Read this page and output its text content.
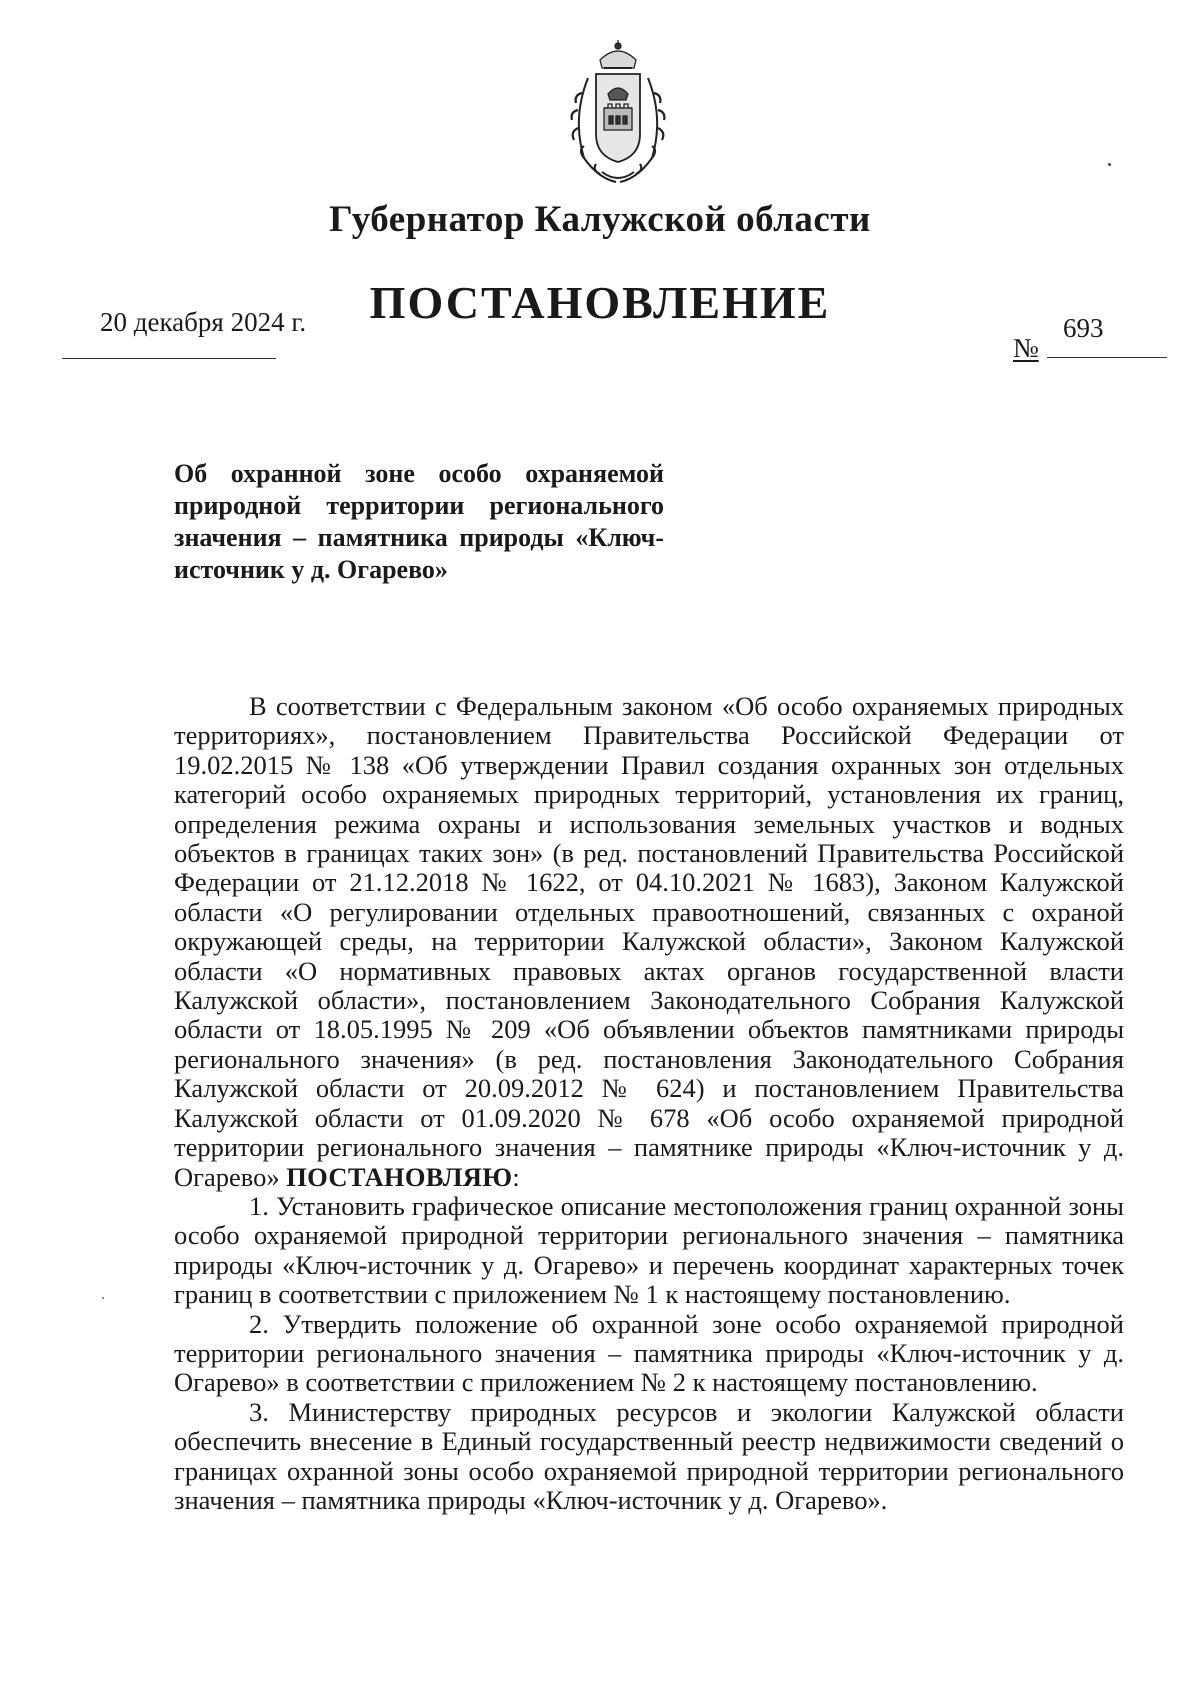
Губернатор Калужской области
ПОСТАНОВЛЕНИЕ
20 декабря 2024 г.
№
693
Об охранной зоне особо охраняемой природной территории регионального значения – памятника природы «Ключ-источник у д. Огарево»

В соответствии с Федеральным законом «Об особо охраняемых природных территориях», постановлением Правительства Российской Федерации от 19.02.2015 № 138 «Об утверждении Правил создания охранных зон отдельных категорий особо охраняемых природных территорий, установления их границ, определения режима охраны и использования земельных участков и водных объектов в границах таких зон» (в ред. постановлений Правительства Российской Федерации от 21.12.2018 № 1622, от 04.10.2021 № 1683), Законом Калужской области «О регулировании отдельных правоотношений, связанных с охраной окружающей среды, на территории Калужской области», Законом Калужской области «О нормативных правовых актах органов государственной власти Калужской области», постановлением Законодательного Собрания Калужской области от 18.05.1995 № 209 «Об объявлении объектов памятниками природы регионального значения» (в ред. постановления Законодательного Собрания Калужской области от 20.09.2012 № 624) и постановлением Правительства Калужской области от 01.09.2020 № 678 «Об особо охраняемой природной территории регионального значения – памятнике природы «Ключ-источник у д. Огарево» ПОСТАНОВЛЯЮ:

1. Установить графическое описание местоположения границ охранной зоны особо охраняемой природной территории регионального значения – памятника природы «Ключ-источник у д. Огарево» и перечень координат характерных точек границ в соответствии с приложением № 1 к настоящему постановлению.

2. Утвердить положение об охранной зоне особо охраняемой природной территории регионального значения – памятника природы «Ключ-источник у д. Огарево» в соответствии с приложением № 2 к настоящему постановлению.

3. Министерству природных ресурсов и экологии Калужской области обеспечить внесение в Единый государственный реестр недвижимости сведений о границах охранной зоны особо охраняемой природной территории регионального значения – памятника природы «Ключ-источник у д. Огарево».
